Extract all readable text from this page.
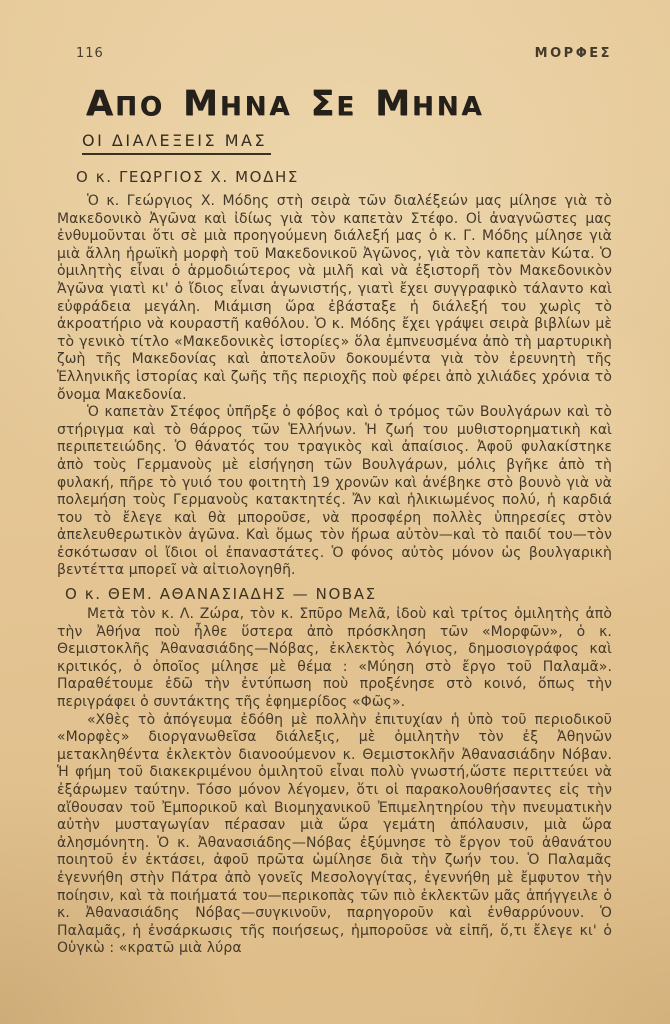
116	ΜΟΡΦΕΣ
ΑΠΟ ΜΗΝΑ ΣΕ ΜΗΝΑ
ΟΙ ΔΙΑΛΕΞΕΙΣ ΜΑΣ
Ο κ. ΓΕΩΡΓΙΟΣ Χ. ΜΟΔΗΣ

Ὁ κ. Γεώργιος Χ. Μόδης στὴ σειρὰ τῶν διαλέξεών μας μίλησε γιὰ τὸ Μακεδονικὸ Ἀγῶνα καὶ ἰδίως γιὰ τὸν καπετὰν Στέφο. Οἱ ἀναγνῶστες μας ἐνθυμοῦνται ὅτι σὲ μιὰ προηγούμενη διάλεξή μας ὁ κ. Γ. Μόδης μίλησε γιὰ μιὰ ἄλλη ἡρωϊκὴ μορφὴ τοῦ Μακεδονικοῦ Ἀγῶνος, γιὰ τὸν καπετὰν Κώτα. Ὁ ὁμιλητὴς εἶναι ὁ ἁρμοδιώτερος νὰ μιλῆ καὶ νὰ ἐξιστορῆ τὸν Μακεδονικὸν Ἀγῶνα γιατὶ κι' ὁ ἴδιος εἶναι ἀγωνιστής, γιατὶ ἔχει συγγραφικὸ τάλαντο καὶ εὐφράδεια μεγάλη. Μιάμιση ὥρα ἐβάσταξε ἡ διάλεξή του χωρὶς τὸ ἀκροατήριο νὰ κουραστῆ καθόλου. Ὁ κ. Μόδης ἔχει γράψει σειρὰ βιβλίων μὲ τὸ γενικὸ τίτλο «Μακεδονικὲς ἱστορίες» ὅλα ἐμπνευσμένα ἀπὸ τὴ μαρτυρικὴ ζωὴ τῆς Μακεδονίας καὶ ἀποτελοῦν δοκουμέντα γιὰ τὸν ἐρευνητὴ τῆς Ἑλληνικῆς ἱστορίας καὶ ζωῆς τῆς περιοχῆς ποὺ φέρει ἀπὸ χιλιάδες χρόνια τὸ ὄνομα Μακεδονία.

Ὁ καπετὰν Στέφος ὑπῆρξε ὁ φόβος καὶ ὁ τρόμος τῶν Βουλγάρων καὶ τὸ στήριγμα καὶ τὸ θάρρος τῶν Ἑλλήνων. Ἡ ζωή του μυθιστορηματικὴ καὶ περιπετειώδης. Ὁ θάνατός του τραγικὸς καὶ ἀπαίσιος. Ἀφοῦ φυλακίστηκε ἀπὸ τοὺς Γερμανοὺς μὲ εἰσήγηση τῶν Βουλγάρων, μόλις βγῆκε ἀπὸ τὴ φυλακή, πῆρε τὸ γυιό του φοιτητὴ 19 χρονῶν καὶ ἀνέβηκε στὸ βουνὸ γιὰ νὰ πολεμήση τοὺς Γερμανοὺς κατακτητές. Ἄν καὶ ἡλικιωμένος πολύ, ἡ καρδιά του τὸ ἔλεγε καὶ θὰ μποροῦσε, νὰ προσφέρη πολλὲς ὑπηρεσίες στὸν ἀπελευθερωτικὸν ἀγῶνα. Καὶ ὅμως τὸν ἥρωα αὐτὸν—καὶ τὸ παιδί του—τὸν ἐσκότωσαν οἱ ἴδιοι οἱ ἐπαναστάτες. Ὁ φόνος αὐτὸς μόνον ὡς βουλγαρικὴ βεντέττα μπορεῖ νὰ αἰτιολογηθῆ.

Ο κ. ΘΕΜ. ΑΘΑΝΑΣΙΑΔΗΣ — ΝΟΒΑΣ

Μετὰ τὸν κ. Λ. Ζώρα, τὸν κ. Σπῦρο Μελᾶ, ἰδοὺ καὶ τρίτος ὁμιλητὴς ἀπὸ τὴν Ἀθήνα ποὺ ἦλθε ὕστερα ἀπὸ πρόσκληση τῶν «Μορφῶν», ὁ κ. Θεμιστοκλῆς Ἀθανασιάδης—Νόβας, ἐκλεκτὸς λόγιος, δημοσιογράφος καὶ κριτικός, ὁ ὁποῖος μίλησε μὲ θέμα : «Μύηση στὸ ἔργο τοῦ Παλαμᾶ». Παραθέτουμε ἐδῶ τὴν ἐντύπωση ποὺ προξένησε στὸ κοινό, ὅπως τὴν περιγράφει ὁ συντάκτης τῆς ἐφημερίδος «Φῶς».

«Χθὲς τὸ ἀπόγευμα ἐδόθη μὲ πολλὴν ἐπιτυχίαν ἡ ὑπὸ τοῦ περιοδικοῦ «Μορφὲς» διοργανωθεῖσα διάλεξις, μὲ ὁμιλητὴν τὸν ἐξ Ἀθηνῶν μετακληθέντα ἐκλεκτὸν διανοούμενον κ. Θεμιστοκλῆν Ἀθανασιάδην Νόβαν. Ἡ φήμη τοῦ διακεκριμένου ὁμιλητοῦ εἶναι πολὺ γνωστή,ὥστε περιττεύει νὰ ἐξάρωμεν ταύτην. Τόσο μόνον λέγομεν, ὅτι οἱ παρακολουθήσαντες εἰς τὴν αἴθουσαν τοῦ Ἐμπορικοῦ καὶ Βιομηχανικοῦ Ἐπιμελητηρίου τὴν πνευματικὴν αὐτὴν μυσταγωγίαν πέρασαν μιὰ ὥρα γεμάτη ἀπόλαυσιν, μιὰ ὥρα ἀλησμόνητη. Ὁ κ. Ἀθανασιάδης—Νόβας ἐξύμνησε τὸ ἔργον τοῦ ἀθανάτου ποιητοῦ ἐν ἐκτάσει, ἀφοῦ πρῶτα ὡμίλησε διὰ τὴν ζωήν του. Ὁ Παλαμᾶς ἐγεννήθη στὴν Πάτρα ἀπὸ γονεῖς Μεσολογγίτας, ἐγεννήθη μὲ ἔμφυτον τὴν ποίησιν, καὶ τὰ ποιήματά του—περικοπὰς τῶν πιὸ ἐκλεκτῶν μᾶς ἀπήγγειλε ὁ κ. Ἀθανασιάδης Νόβας—συγκινοῦν, παρηγοροῦν καὶ ἐνθαρρύνουν. Ὁ Παλαμᾶς, ἡ ἐνσάρκωσις τῆς ποιήσεως, ἠμποροῦσε νὰ εἰπῆ, ὅ,τι ἔλεγε κι' ὁ Οὑγκὼ : «κρατῶ μιὰ λύρα
